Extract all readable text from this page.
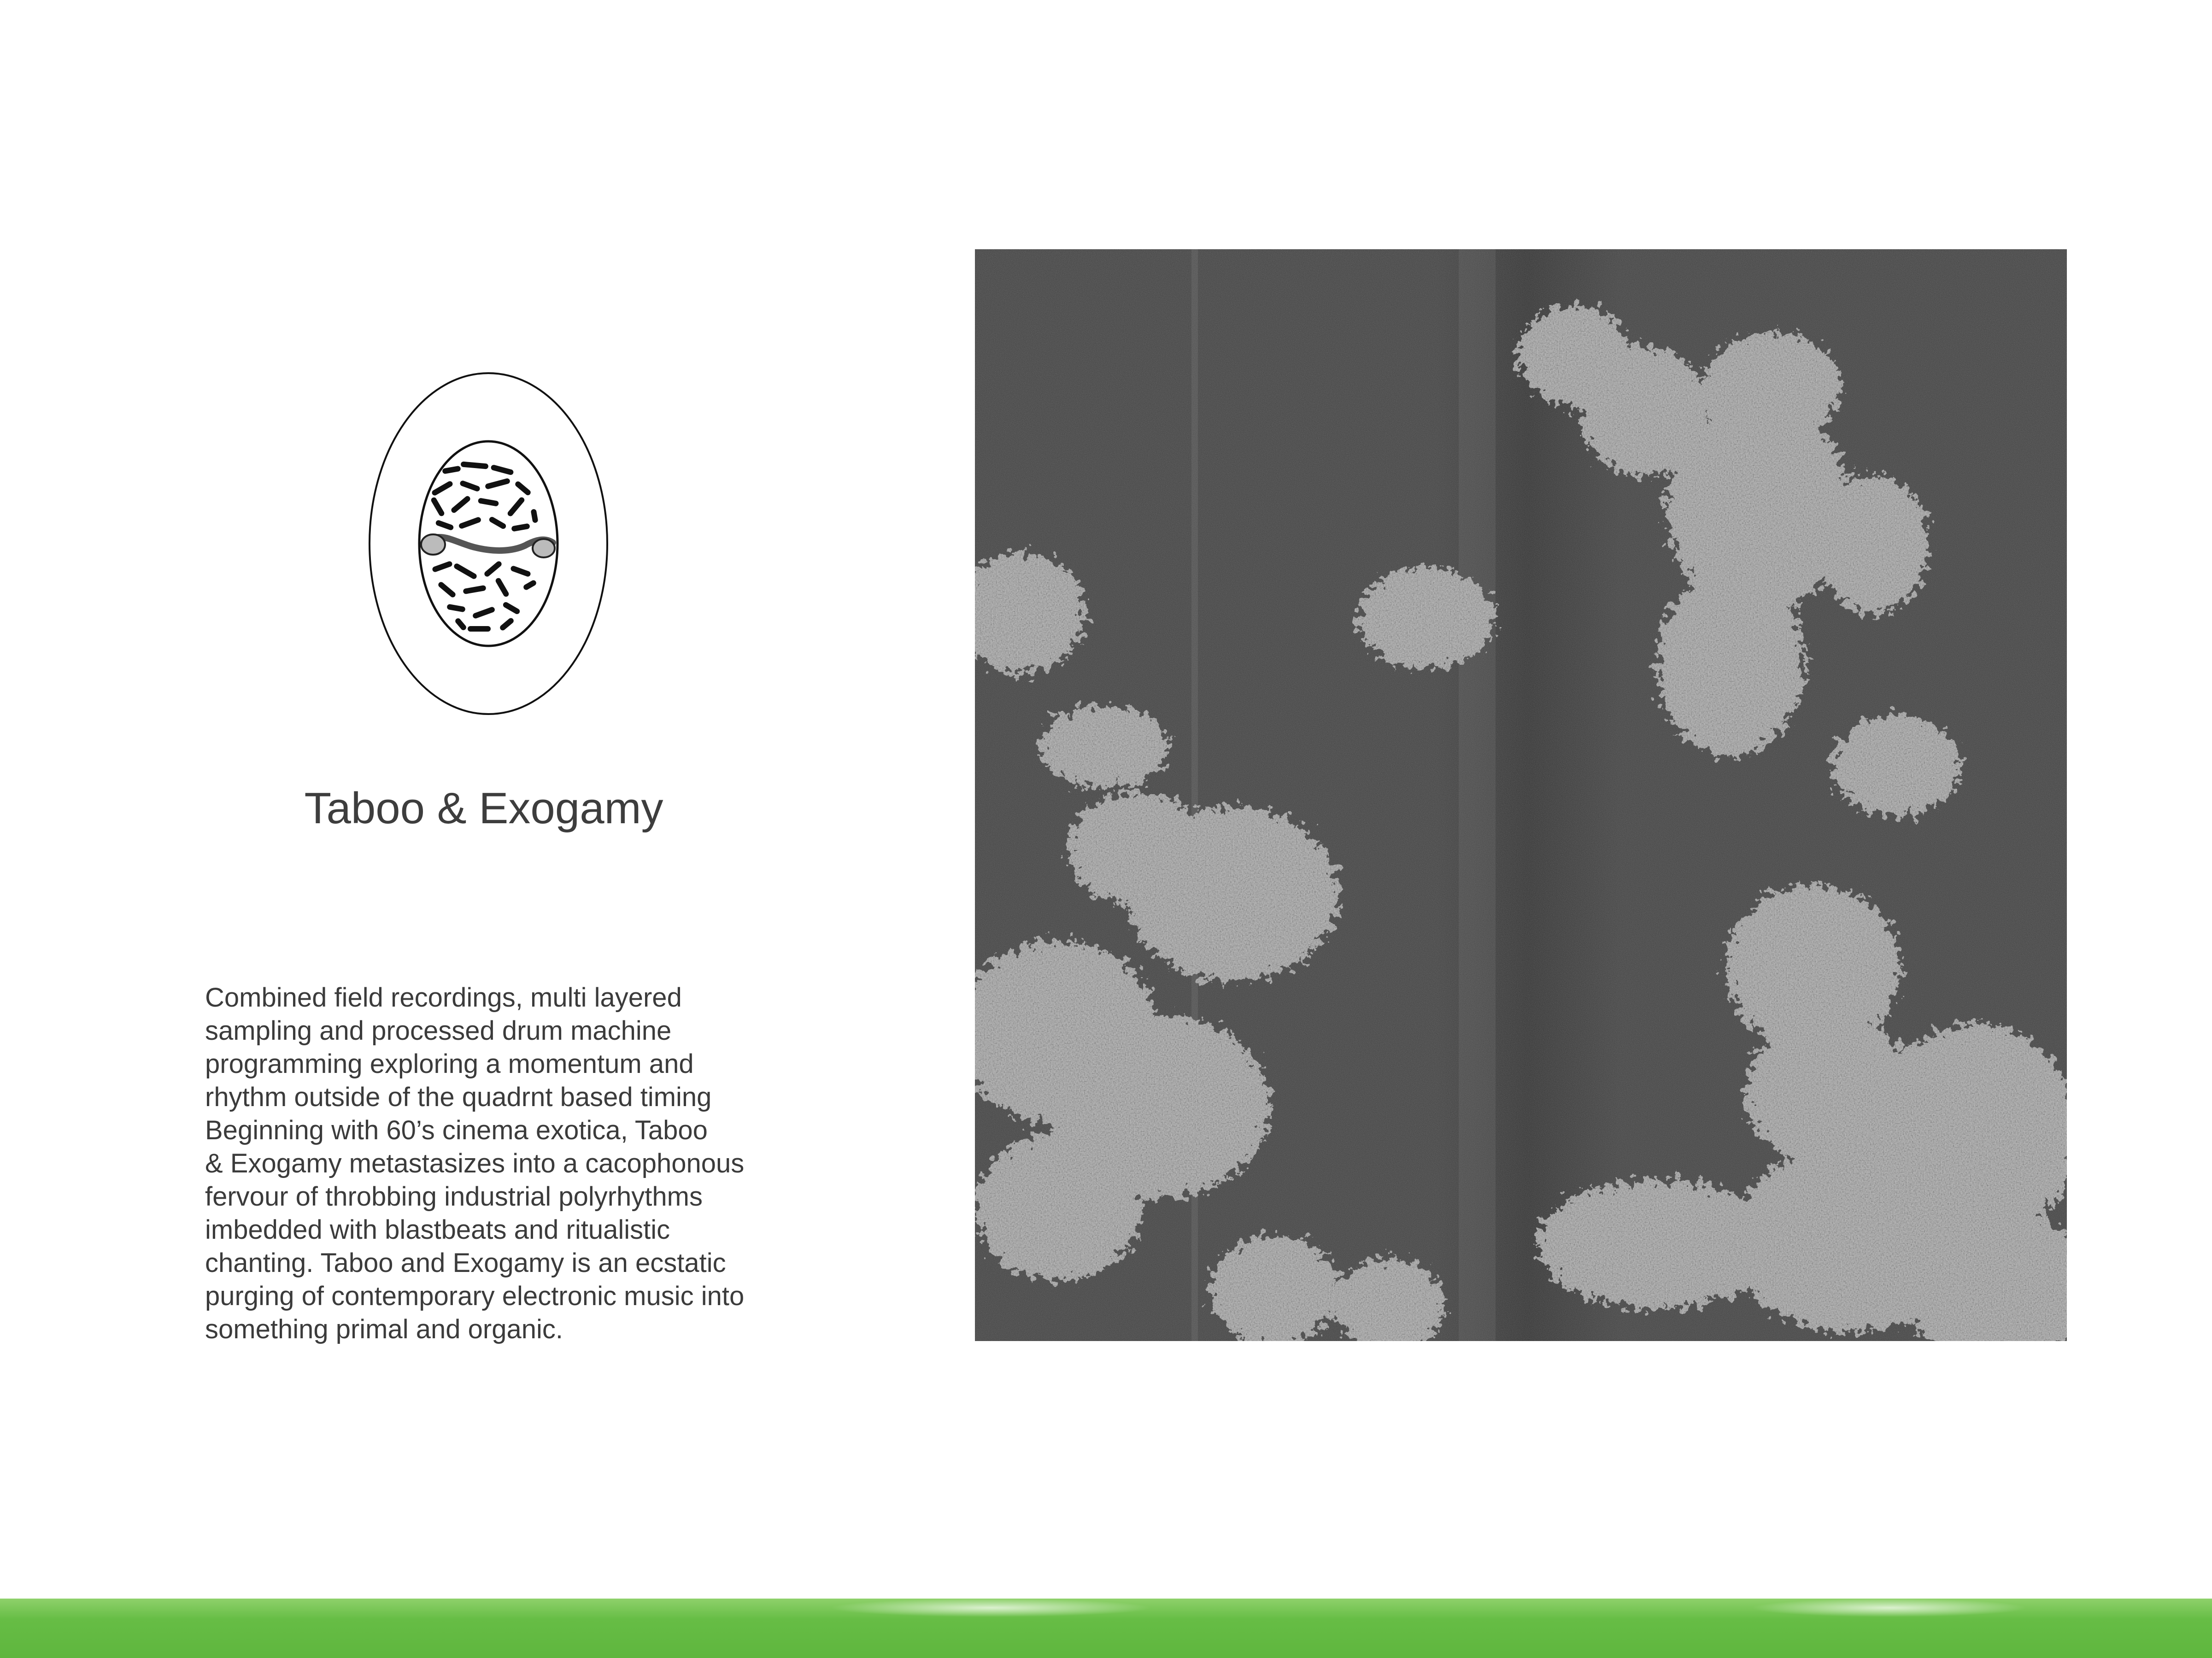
Taboo & Exogamy

Combined field recordings, multi layered
sampling and processed drum machine
programming exploring a momentum and
rhythm outside of the quadrnt based timing
Beginning with 60’s cinema exotica, Taboo
& Exogamy metastasizes into a cacophonous
fervour of throbbing industrial polyrhythms
imbedded with blastbeats and ritualistic
chanting. Taboo and Exogamy is an ecstatic
purging of contemporary electronic music into
something primal and organic.
